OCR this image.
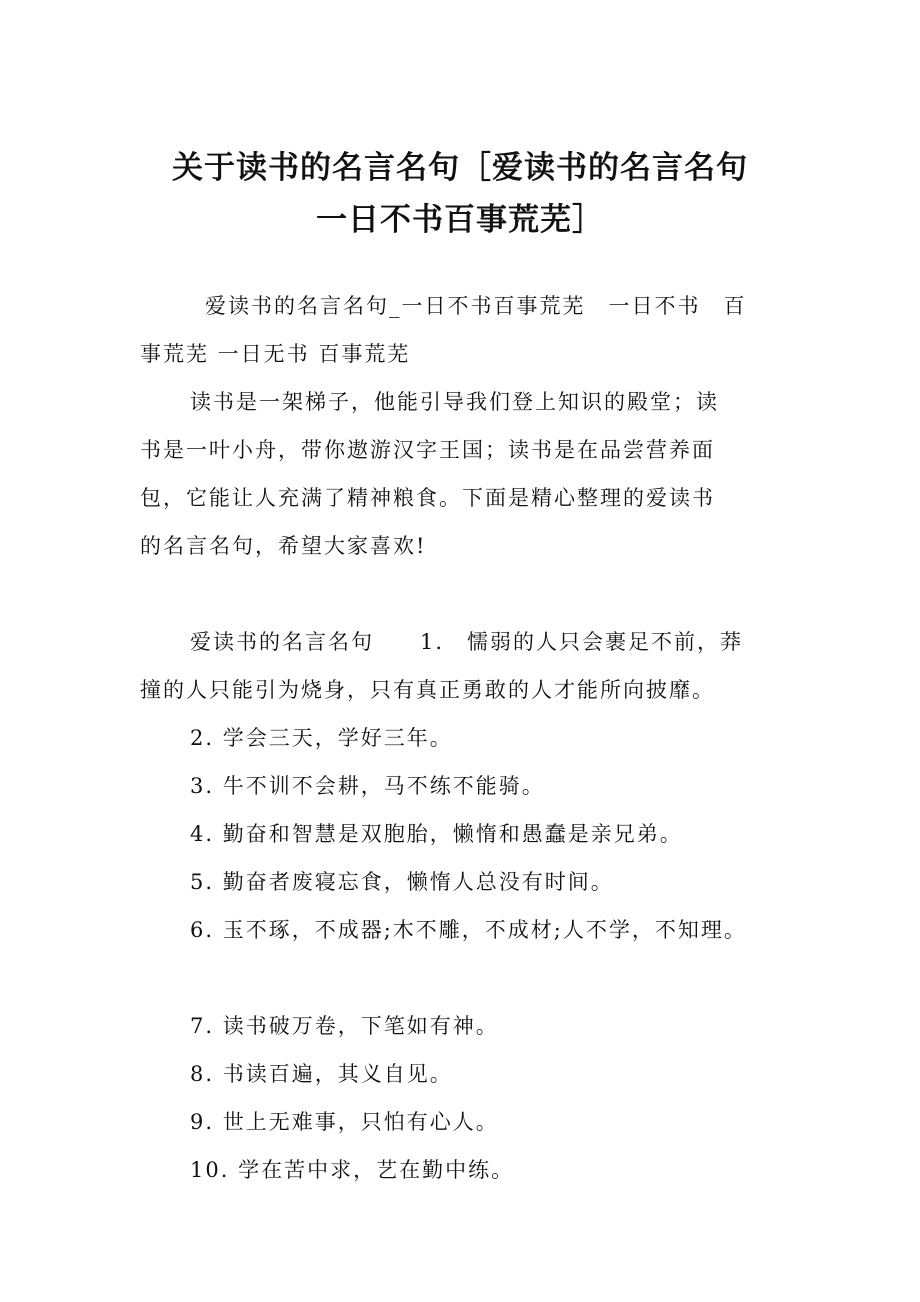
关于读书的名言名句［爱读书的名言名句
一日不书百事荒芜］

爱读书的名言名句_一日不书百事荒芜　一日不书　百

事荒芜 一日无书 百事荒芜

读书是一架梯子，他能引导我们登上知识的殿堂；读

书是一叶小舟，带你遨游汉字王国；读书是在品尝营养面

包，它能让人充满了精神粮食。下面是精心整理的爱读书

的名言名句，希望大家喜欢!

爱读书的名言名句　　1.　懦弱的人只会裹足不前，莽

撞的人只能引为烧身，只有真正勇敢的人才能所向披靡。

2. 学会三天，学好三年。

3. 牛不训不会耕，马不练不能骑。

4. 勤奋和智慧是双胞胎，懒惰和愚蠢是亲兄弟。

5. 勤奋者废寝忘食，懒惰人总没有时间。

6. 玉不琢，不成器;木不雕，不成材;人不学，不知理。

7. 读书破万卷，下笔如有神。

8. 书读百遍，其义自见。

9. 世上无难事，只怕有心人。

10. 学在苦中求，艺在勤中练。
